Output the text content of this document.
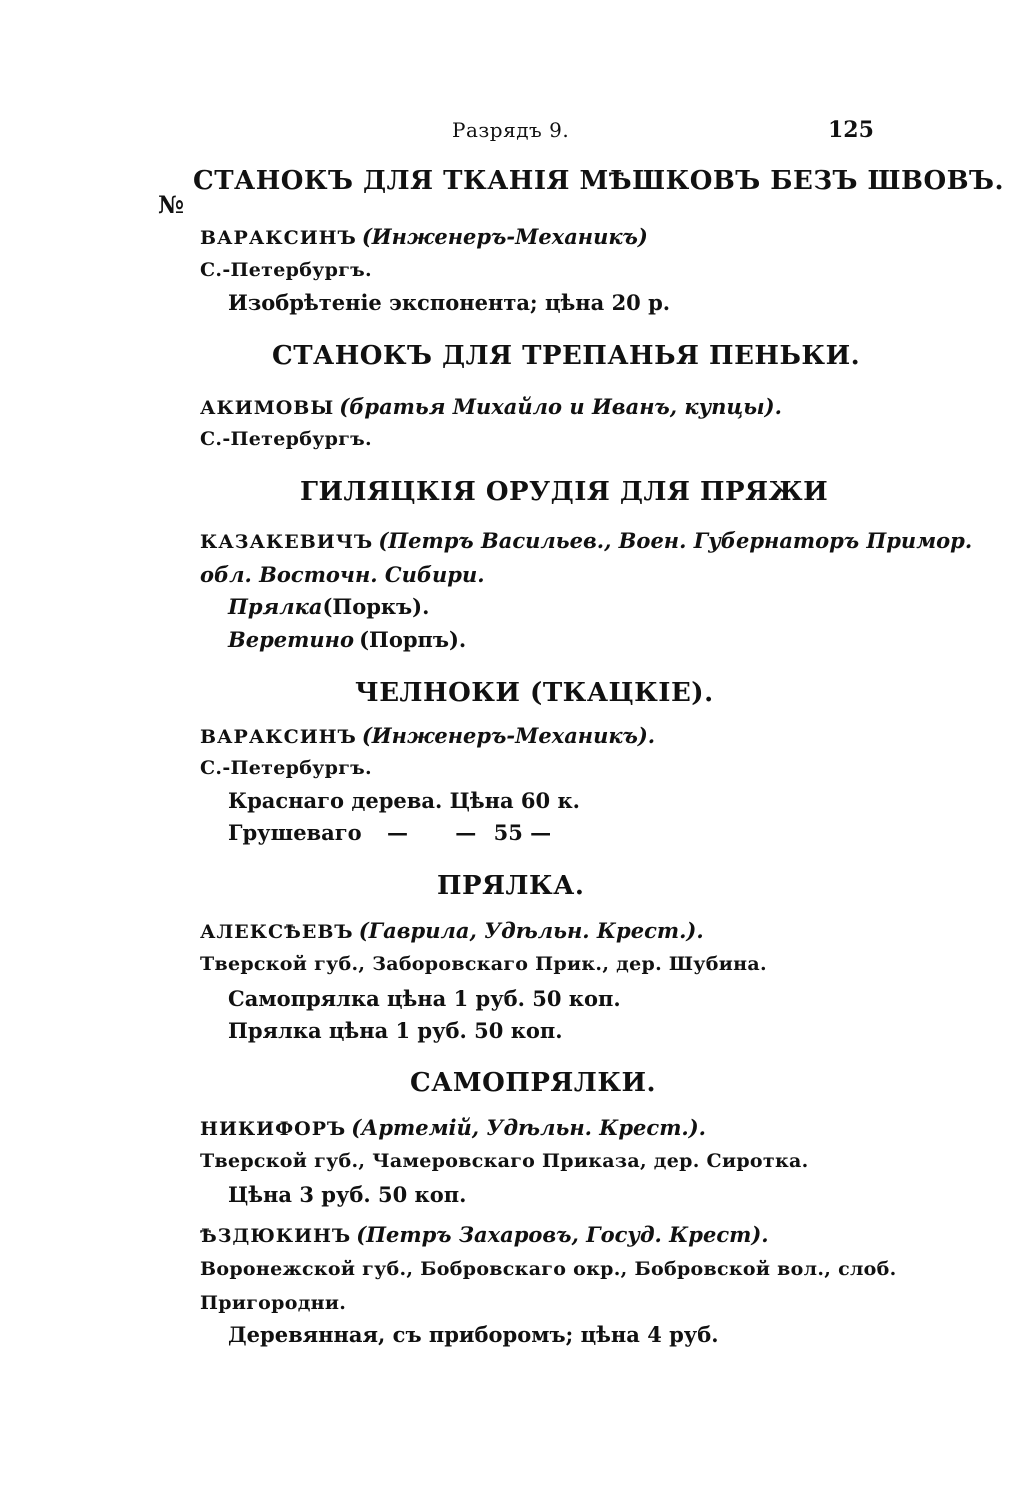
Разрядъ 9.	125
№
СТАНОКЪ ДЛЯ ТКАНІЯ МѢШКОВЪ БЕЗЪ ШВОВЪ.
ВАРАКСИНЪ (Инженеръ-Механикъ)
С.-Петербургъ.
Изобрѣтеніе экспонента; цѣна 20 р.
СТАНОКЪ ДЛЯ ТРЕПАНЬЯ ПЕНЬКИ.
АКИМОВЫ (братья Михайло и Иванъ, купцы).
С.-Петербургъ.
ГИЛЯЦКІЯ ОРУДІЯ ДЛЯ ПРЯЖИ
КАЗАКЕВИЧЪ (Петръ Васильев., Воен. Губернаторъ Примор.
обл. Восточн. Сибири.
Прялка(Поркъ).
Веретино (Порпъ).
ЧЕЛНОКИ (ТКАЦКІЕ).
ВАРАКСИНЪ (Инженеръ-Механикъ).
С.-Петербургъ.
Краснаго дерева. Цѣна 60 к.
Грушеваго — — 55 —
ПРЯЛКА.
АЛЕКСѢЕВЪ (Гаврила, Удѣльн. Крест.).
Тверской губ., Заборовскаго Прик., дер. Шубина.
Самопрялка цѣна 1 руб. 50 коп.
Прялка цѣна 1 руб. 50 коп.
САМОПРЯЛКИ.
НИКИФОРЪ (Артемій, Удѣльн. Крест.).
Тверской губ., Чамеровскаго Приказа, дер. Сиротка.
Цѣна 3 руб. 50 коп.
ѢЗДЮКИНЪ (Петръ Захаровъ, Госуд. Крест).
Воронежской губ., Бобровскаго окр., Бобровской вол., слоб.
Пригородни.
Деревянная, съ приборомъ; цѣна 4 руб.
